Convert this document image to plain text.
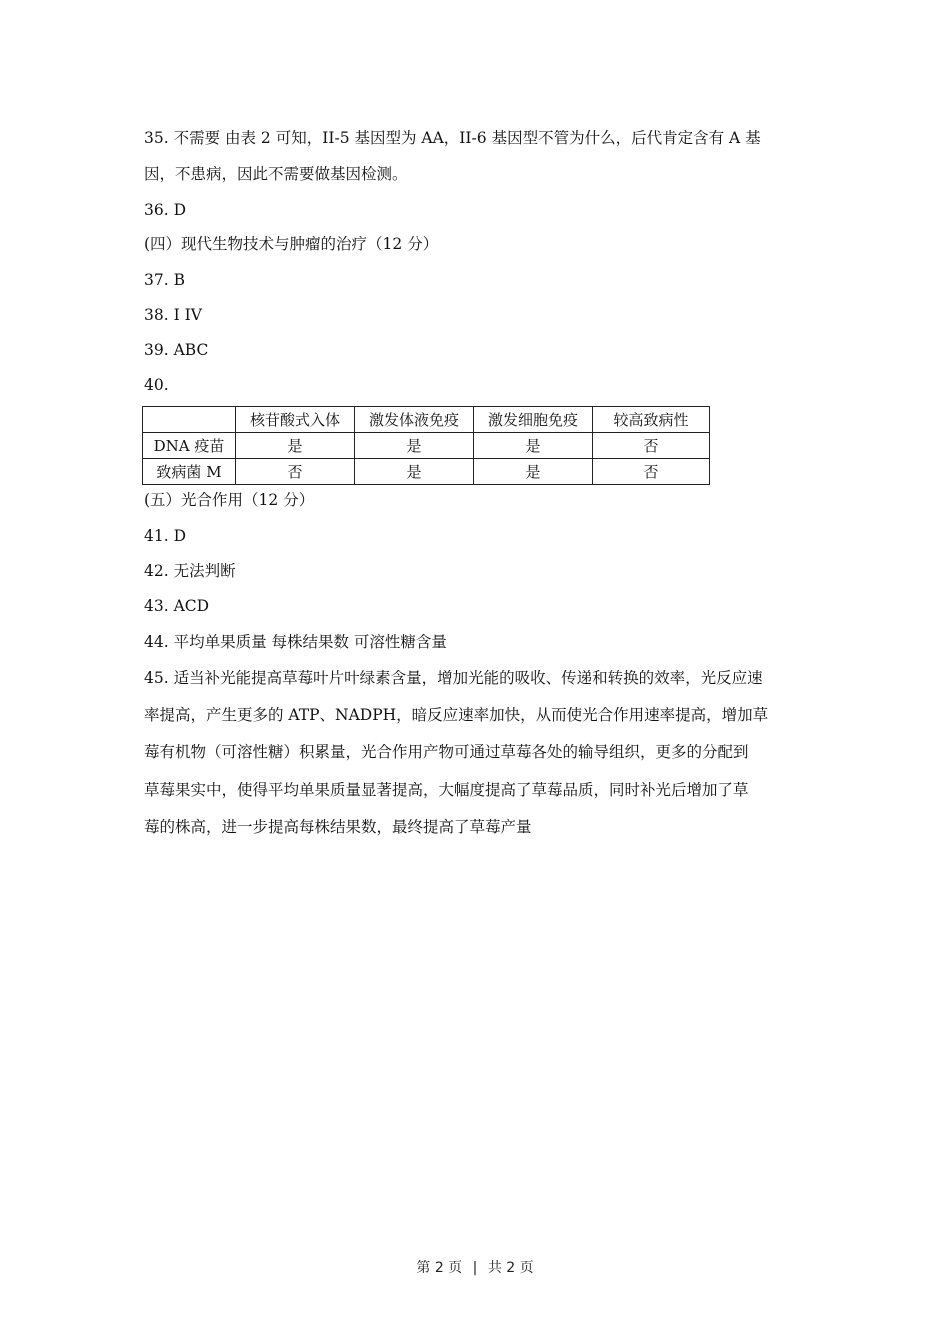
35. 不需要 由表 2 可知，II-5 基因型为 AA，II-6 基因型不管为什么，后代肯定含有 A 基
因，不患病，因此不需要做基因检测。
36. D
(四）现代生物技术与肿瘤的治疗（12 分）
37. B
38. I IV
39. ABC
40.
	核苷酸式入体	激发体液免疫	激发细胞免疫	较高致病性
DNA 疫苗	是	是	是	否
致病菌 M	否	是	是	否
(五）光合作用（12 分）
41. D
42. 无法判断
43. ACD
44. 平均单果质量 每株结果数 可溶性糖含量
45. 适当补光能提高草莓叶片叶绿素含量，增加光能的吸收、传递和转换的效率，光反应速
率提高，产生更多的 ATP、NADPH，暗反应速率加快，从而使光合作用速率提高，增加草
莓有机物（可溶性糖）积累量，光合作用产物可通过草莓各处的输导组织，更多的分配到
草莓果实中，使得平均单果质量显著提高，大幅度提高了草莓品质，同时补光后增加了草
莓的株高，进一步提高每株结果数，最终提高了草莓产量
第 2 页 | 共 2 页
